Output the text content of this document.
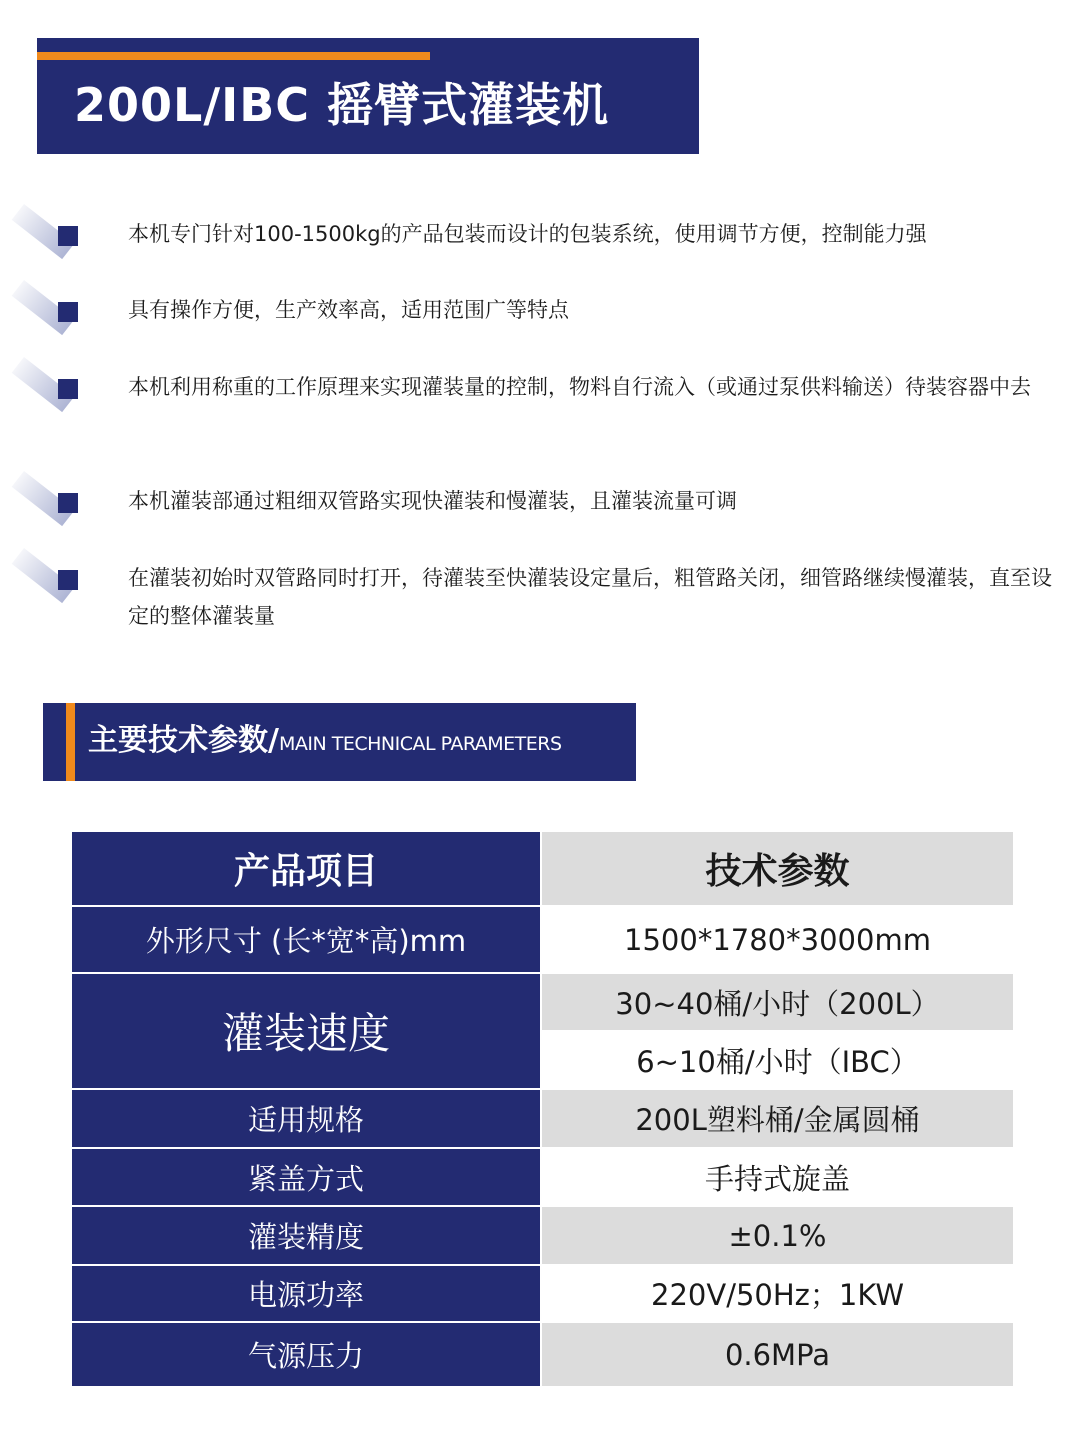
200L/IBC 摇臂式灌装机
本机专门针对100-1500kg的产品包装而设计的包装系统，使用调节方便，控制能力强
具有操作方便，生产效率高，适用范围广等特点
本机利用称重的工作原理来实现灌装量的控制，物料自行流入（或通过泵供料输送）待装容器中去
本机灌装部通过粗细双管路实现快灌装和慢灌装，且灌装流量可调
在灌装初始时双管路同时打开，待灌装至快灌装设定量后，粗管路关闭，细管路继续慢灌装，直至设定的整体灌装量
主要技术参数/MAIN TECHNICAL PARAMETERS
产品项目	技术参数
外形尺寸 (长*宽*高)mm	1500*1780*3000mm
灌装速度	30~40桶/小时（200L）
	6~10桶/小时（IBC）
适用规格	200L塑料桶/金属圆桶
紧盖方式	手持式旋盖
灌装精度	±0.1%
电源功率	220V/50Hz；1KW
气源压力	0.6MPa
